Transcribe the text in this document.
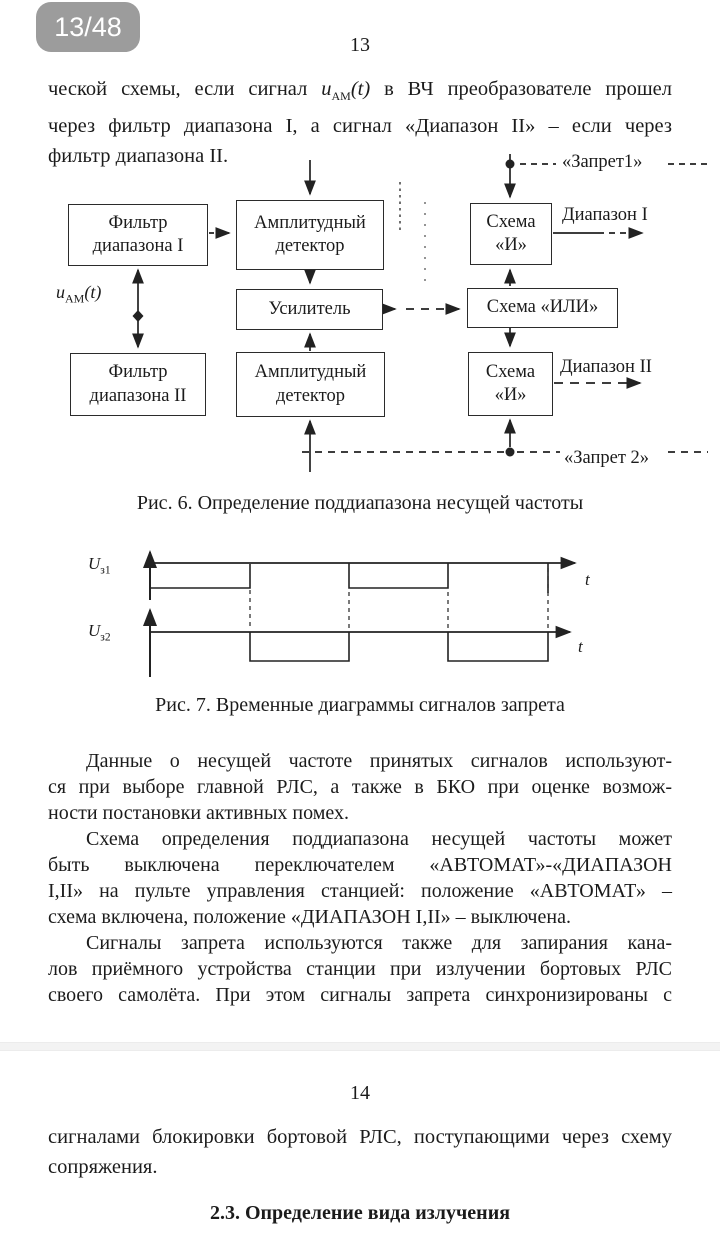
13/48
13
ческой схемы, если сигнал $u_{АМ}(t)$ в ВЧ преобразователе прошел
через фильтр диапазона I, а сигнал «Диапазон II» – если через
фильтр диапазона II.
Фильтр диапазона I
Амплитудный детектор
Схема «И»
Усилитель	Схема «ИЛИ»
Фильтр диапазона II
Амплитудный детектор
Схема «И»
«Запрет1»
Диапазон I
Диапазон II
«Запрет 2»
$u_{АМ}(t)$
Рис. 6. Определение поддиапазона несущей частоты
$U_{з1}$
$U_{з2}$
t
t
Рис. 7. Временные диаграммы сигналов запрета
Данные о несущей частоте принятых сигналов используют-
ся при выборе главной РЛС, а также в БКО при оценке возмож-
ности постановки активных помех.
Схема определения поддиапазона несущей частоты может
быть выключена переключателем «АВТОМАТ»-«ДИАПАЗОН
I,II» на пульте управления станцией: положение «АВТОМАТ» –
схема включена, положение «ДИАПАЗОН I,II» – выключена.
Сигналы запрета используются также для запирания кана-
лов приёмного устройства станции при излучении бортовых РЛС
своего самолёта. При этом сигналы запрета синхронизированы с
14
сигналами блокировки бортовой РЛС, поступающими через схему
сопряжения.
2.3. Определение вида излучения
